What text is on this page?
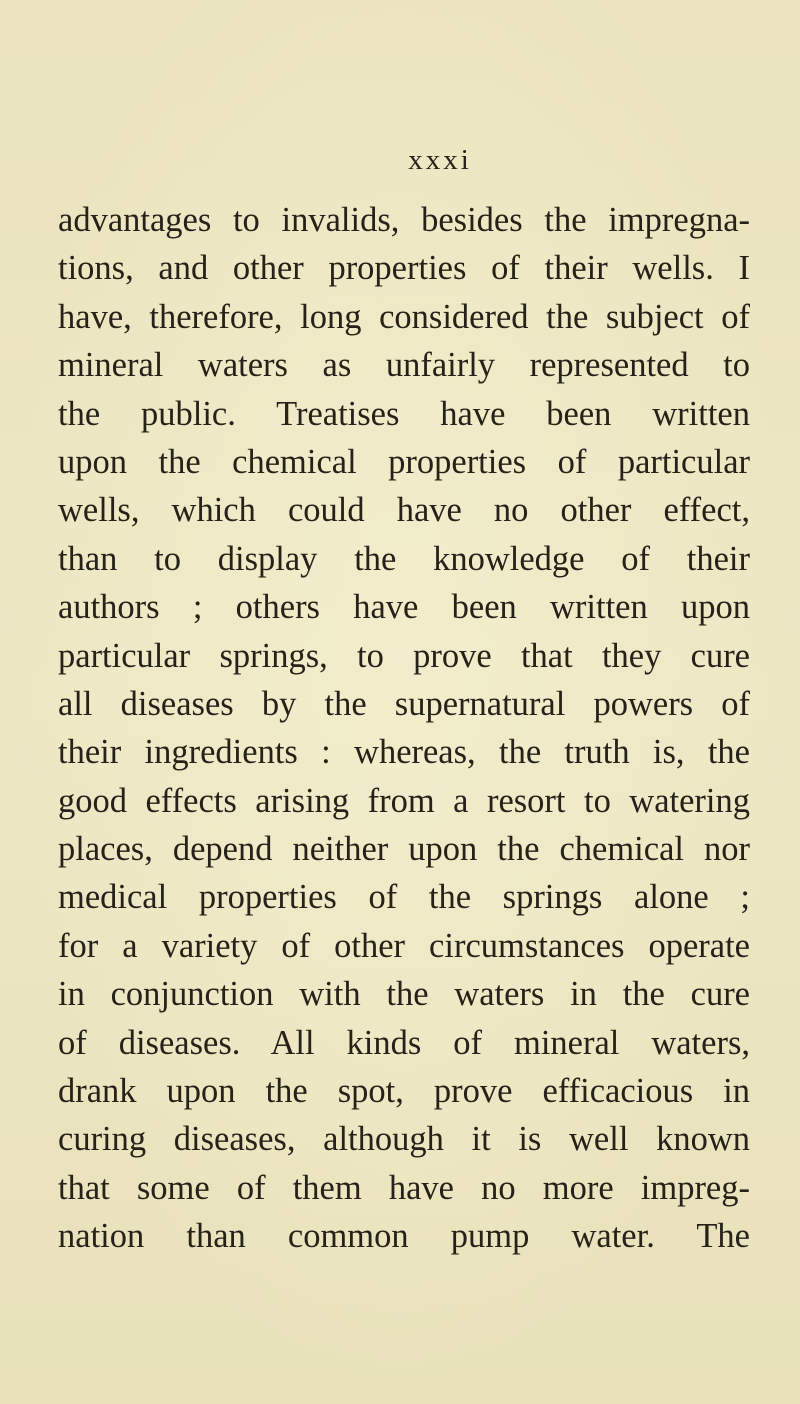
xxxi
advantages to invalids, besides the impregna-
tions, and other properties of their wells. I
have, therefore, long considered the subject of
mineral waters as unfairly represented to
the public. Treatises have been written
upon the chemical properties of particular
wells, which could have no other effect,
than to display the knowledge of their
authors ; others have been written upon
particular springs, to prove that they cure
all diseases by the supernatural powers of
their ingredients : whereas, the truth is, the
good effects arising from a resort to watering
places, depend neither upon the chemical nor
medical properties of the springs alone ;
for a variety of other circumstances operate
in conjunction with the waters in the cure
of diseases. All kinds of mineral waters,
drank upon the spot, prove efficacious in
curing diseases, although it is well known
that some of them have no more impreg-
nation than common pump water. The
